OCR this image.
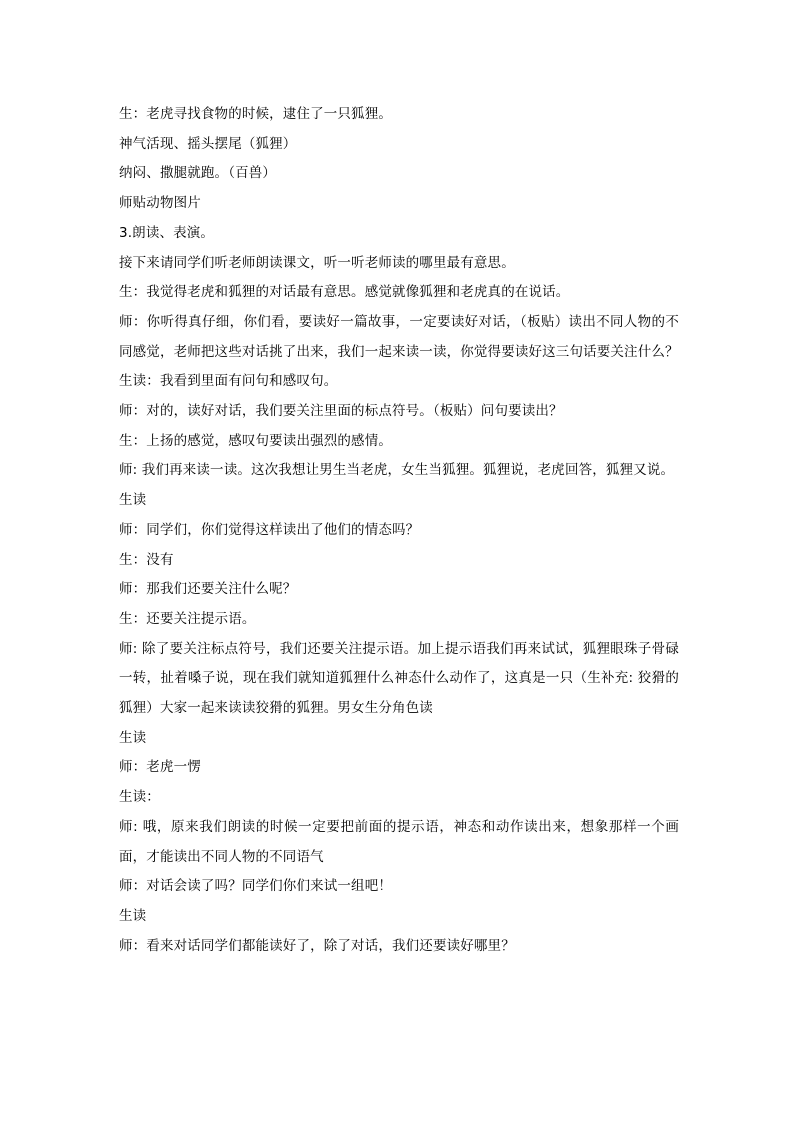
生：老虎寻找食物的时候，逮住了一只狐狸。

神气活现、摇头摆尾（狐狸）

纳闷、撒腿就跑。（百兽）

师贴动物图片

3.朗读、表演。

接下来请同学们听老师朗读课文，听一听老师读的哪里最有意思。

生：我觉得老虎和狐狸的对话最有意思。感觉就像狐狸和老虎真的在说话。

师：你听得真仔细，你们看，要读好一篇故事，一定要读好对话，（板贴）读出不同人物的不同感觉，老师把这些对话挑了出来，我们一起来读一读，你觉得要读好这三句话要关注什么？

生读：我看到里面有问句和感叹句。

师：对的，读好对话，我们要关注里面的标点符号。（板贴）问句要读出？

生：上扬的感觉，感叹句要读出强烈的感情。

师: 我们再来读一读。这次我想让男生当老虎，女生当狐狸。狐狸说，老虎回答，狐狸又说。

生读

师：同学们，你们觉得这样读出了他们的情态吗？

生：没有

师：那我们还要关注什么呢？

生：还要关注提示语。

师: 除了要关注标点符号，我们还要关注提示语。加上提示语我们再来试试，狐狸眼珠子骨碌一转，扯着嗓子说，现在我们就知道狐狸什么神态什么动作了，这真是一只（生补充: 狡猾的狐狸）大家一起来读读狡猾的狐狸。男女生分角色读

生读

师：老虎一愣

生读：

师: 哦，原来我们朗读的时候一定要把前面的提示语，神态和动作读出来，想象那样一个画面，才能读出不同人物的不同语气

师：对话会读了吗？同学们你们来试一组吧！

生读

师：看来对话同学们都能读好了，除了对话，我们还要读好哪里？
